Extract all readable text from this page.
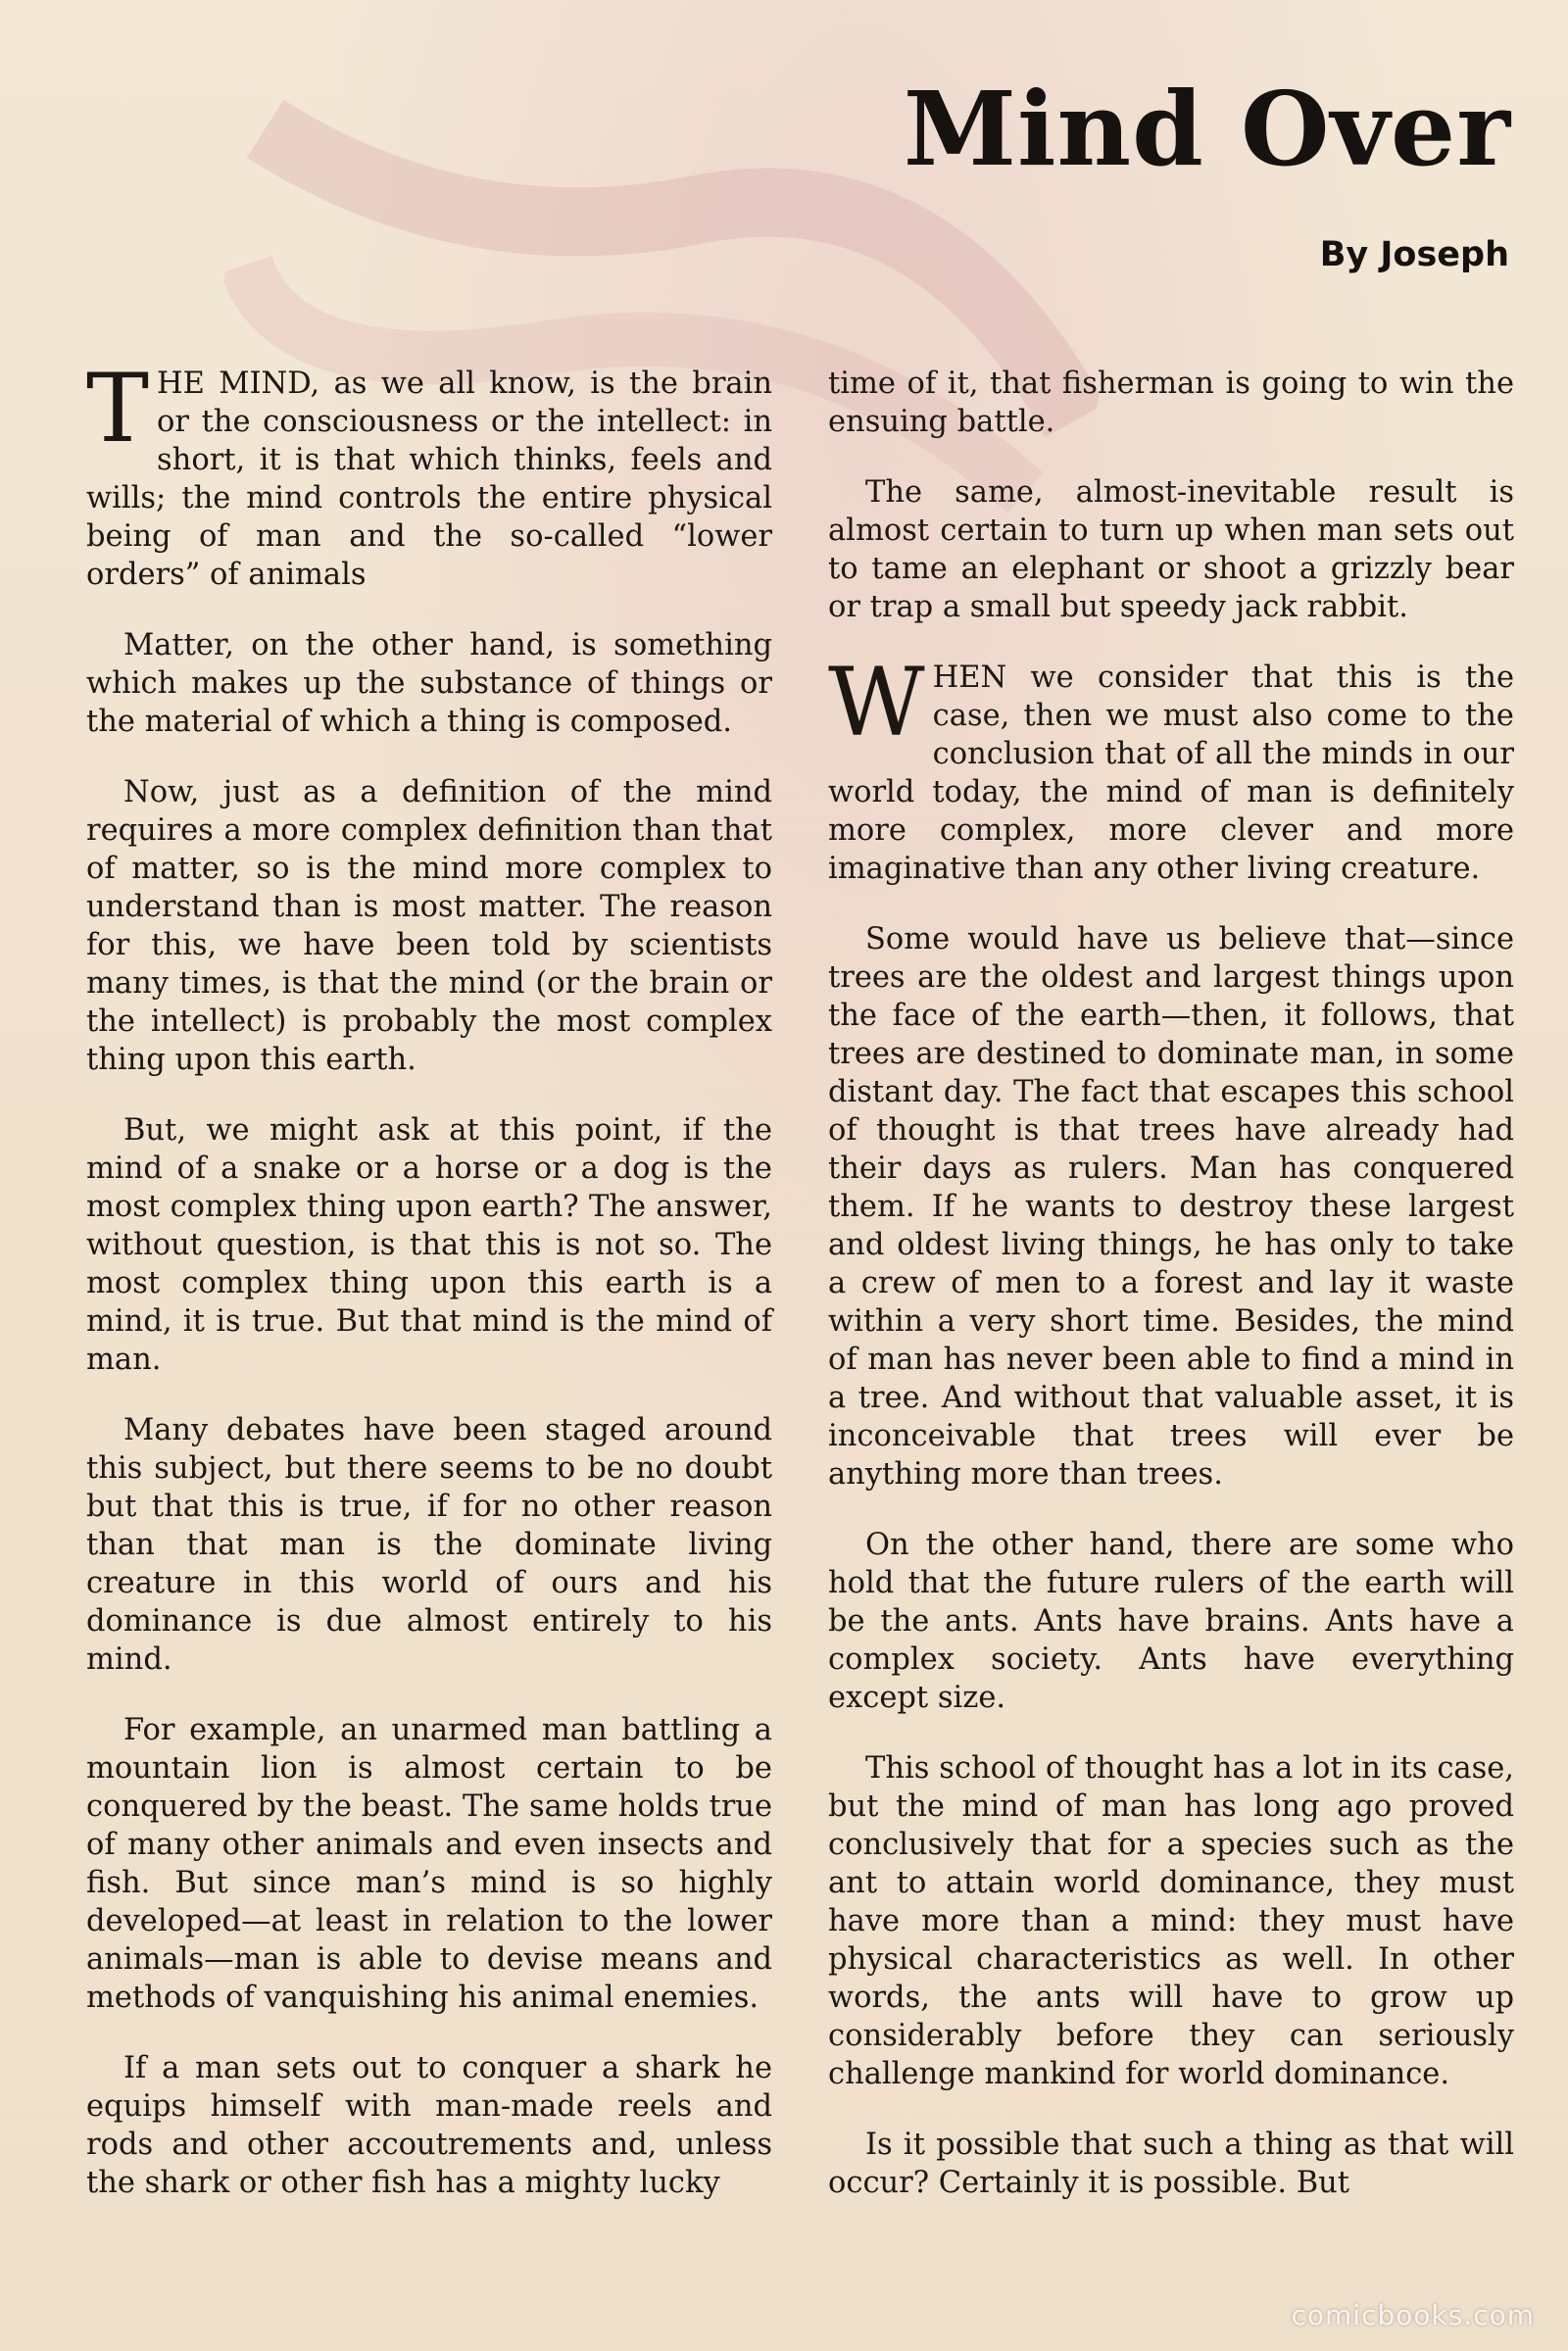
Mind Over

By Joseph

THE MIND, as we all know, is the brain or the consciousness or the intellect: in short, it is that which thinks, feels and wills; the mind controls the entire physical being of man and the so-called “lower orders” of animals

Matter, on the other hand, is something which makes up the substance of things or the material of which a thing is composed.

Now, just as a definition of the mind requires a more complex definition than that of matter, so is the mind more complex to understand than is most matter. The reason for this, we have been told by scientists many times, is that the mind (or the brain or the intellect) is probably the most complex thing upon this earth.

But, we might ask at this point, if the mind of a snake or a horse or a dog is the most complex thing upon earth? The answer, without question, is that this is not so. The most complex thing upon this earth is a mind, it is true. But that mind is the mind of man.

Many debates have been staged around this subject, but there seems to be no doubt but that this is true, if for no other reason than that man is the dominate living creature in this world of ours and his dominance is due almost entirely to his mind.

For example, an unarmed man battling a mountain lion is almost certain to be conquered by the beast. The same holds true of many other animals and even insects and fish. But since man’s mind is so highly developed—at least in relation to the lower animals—man is able to devise means and methods of vanquishing his animal enemies.

If a man sets out to conquer a shark he equips himself with man-made reels and rods and other accoutrements and, unless the shark or other fish has a mighty lucky

time of it, that fisherman is going to win the ensuing battle.

The same, almost-inevitable result is almost certain to turn up when man sets out to tame an elephant or shoot a grizzly bear or trap a small but speedy jack rabbit.

WHEN we consider that this is the case, then we must also come to the conclusion that of all the minds in our world today, the mind of man is definitely more complex, more clever and more imaginative than any other living creature.

Some would have us believe that—since trees are the oldest and largest things upon the face of the earth—then, it follows, that trees are destined to dominate man, in some distant day. The fact that escapes this school of thought is that trees have already had their days as rulers. Man has conquered them. If he wants to destroy these largest and oldest living things, he has only to take a crew of men to a forest and lay it waste within a very short time. Besides, the mind of man has never been able to find a mind in a tree. And without that valuable asset, it is inconceivable that trees will ever be anything more than trees.

On the other hand, there are some who hold that the future rulers of the earth will be the ants. Ants have brains. Ants have a complex society. Ants have everything except size.

This school of thought has a lot in its case, but the mind of man has long ago proved conclusively that for a species such as the ant to attain world dominance, they must have more than a mind: they must have physical characteristics as well. In other words, the ants will have to grow up considerably before they can seriously challenge mankind for world dominance.

Is it possible that such a thing as that will occur? Certainly it is possible. But

comicbooks.com
